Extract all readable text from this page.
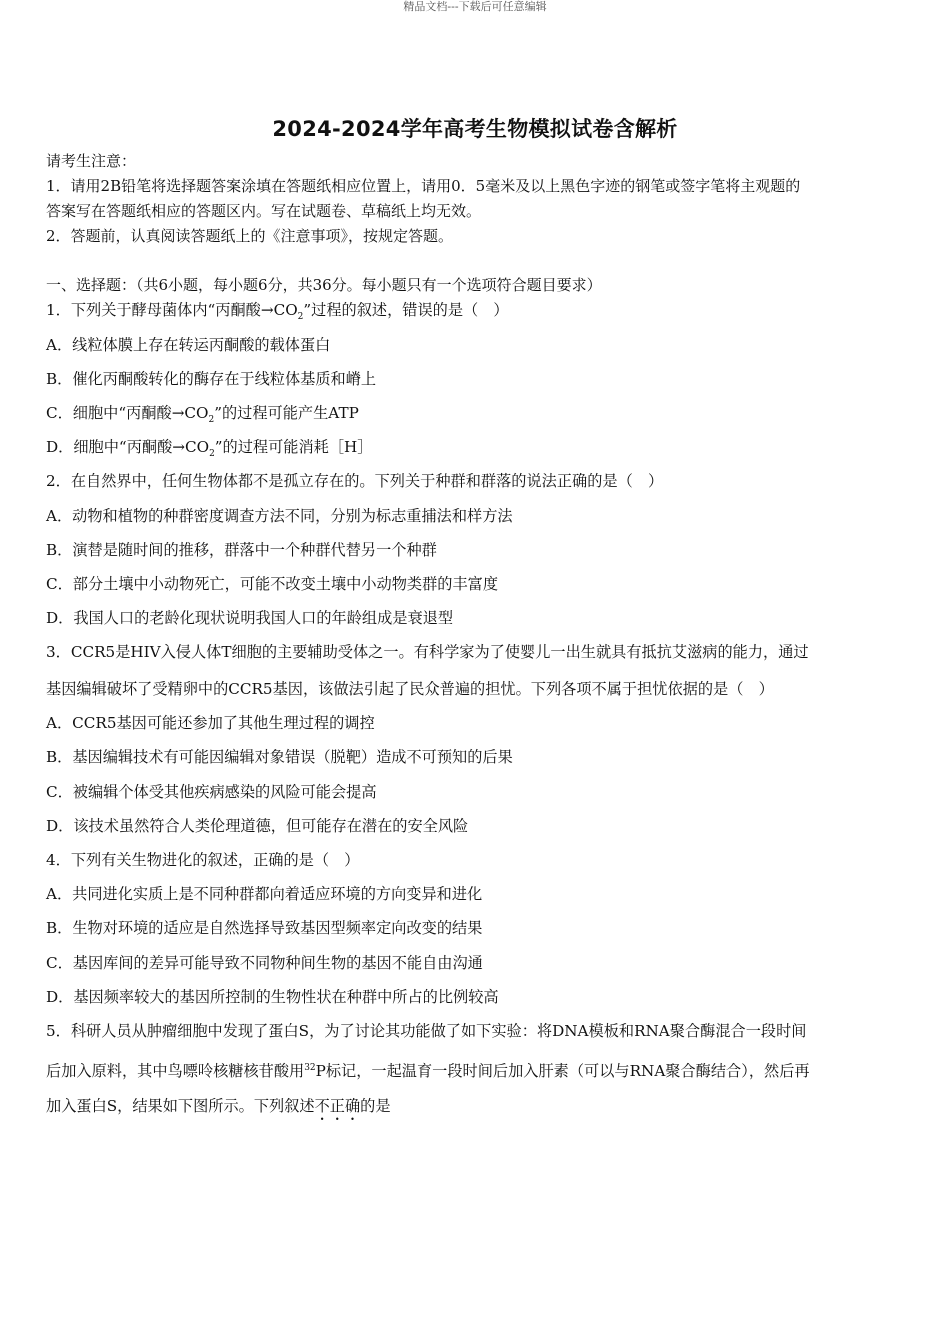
精品文档---下载后可任意编辑
2024-2024学年高考生物模拟试卷含解析
请考生注意：
1．请用2B铅笔将选择题答案涂填在答题纸相应位置上，请用0．5毫米及以上黑色字迹的钢笔或签字笔将主观题的
答案写在答题纸相应的答题区内。写在试题卷、草稿纸上均无效。
2．答题前，认真阅读答题纸上的《注意事项》，按规定答题。
一、选择题：（共6小题，每小题6分，共36分。每小题只有一个选项符合题目要求）
1．下列关于酵母菌体内“丙酮酸$\to CO_2$”过程的叙述，错误的是（　）
A．线粒体膜上存在转运丙酮酸的载体蛋白
B．催化丙酮酸转化的酶存在于线粒体基质和嵴上
C．细胞中“丙酮酸$\to CO_2$”的过程可能产生ATP
D．细胞中“丙酮酸$\to CO_2$”的过程可能消耗［H］
2．在自然界中，任何生物体都不是孤立存在的。下列关于种群和群落的说法正确的是（　）
A．动物和植物的种群密度调查方法不同，分别为标志重捕法和样方法
B．演替是随时间的推移，群落中一个种群代替另一个种群
C．部分土壤中小动物死亡，可能不改变土壤中小动物类群的丰富度
D．我国人口的老龄化现状说明我国人口的年龄组成是衰退型
3．CCR5是HIV入侵人体T细胞的主要辅助受体之一。有科学家为了使婴儿一出生就具有抵抗艾滋病的能力，通过
基因编辑破坏了受精卵中的CCR5基因，该做法引起了民众普遍的担忧。下列各项不属于担忧依据的是（　）
A．CCR5基因可能还参加了其他生理过程的调控
B．基因编辑技术有可能因编辑对象错误（脱靶）造成不可预知的后果
C．被编辑个体受其他疾病感染的风险可能会提高
D．该技术虽然符合人类伦理道德，但可能存在潜在的安全风险
4．下列有关生物进化的叙述，正确的是（　）
A．共同进化实质上是不同种群都向着适应环境的方向变异和进化
B．生物对环境的适应是自然选择导致基因型频率定向改变的结果
C．基因库间的差异可能导致不同物种间生物的基因不能自由沟通
D．基因频率较大的基因所控制的生物性状在种群中所占的比例较高
5．科研人员从肿瘤细胞中发现了蛋白S，为了讨论其功能做了如下实验：将DNA模板和RNA聚合酶混合一段时间
后加入原料，其中鸟嘌呤核糖核苷酸用$^{32}$P标记，一起温育一段时间后加入肝素（可以与RNA聚合酶结合），然后再
加入蛋白S，结果如下图所示。下列叙述不正确的是
